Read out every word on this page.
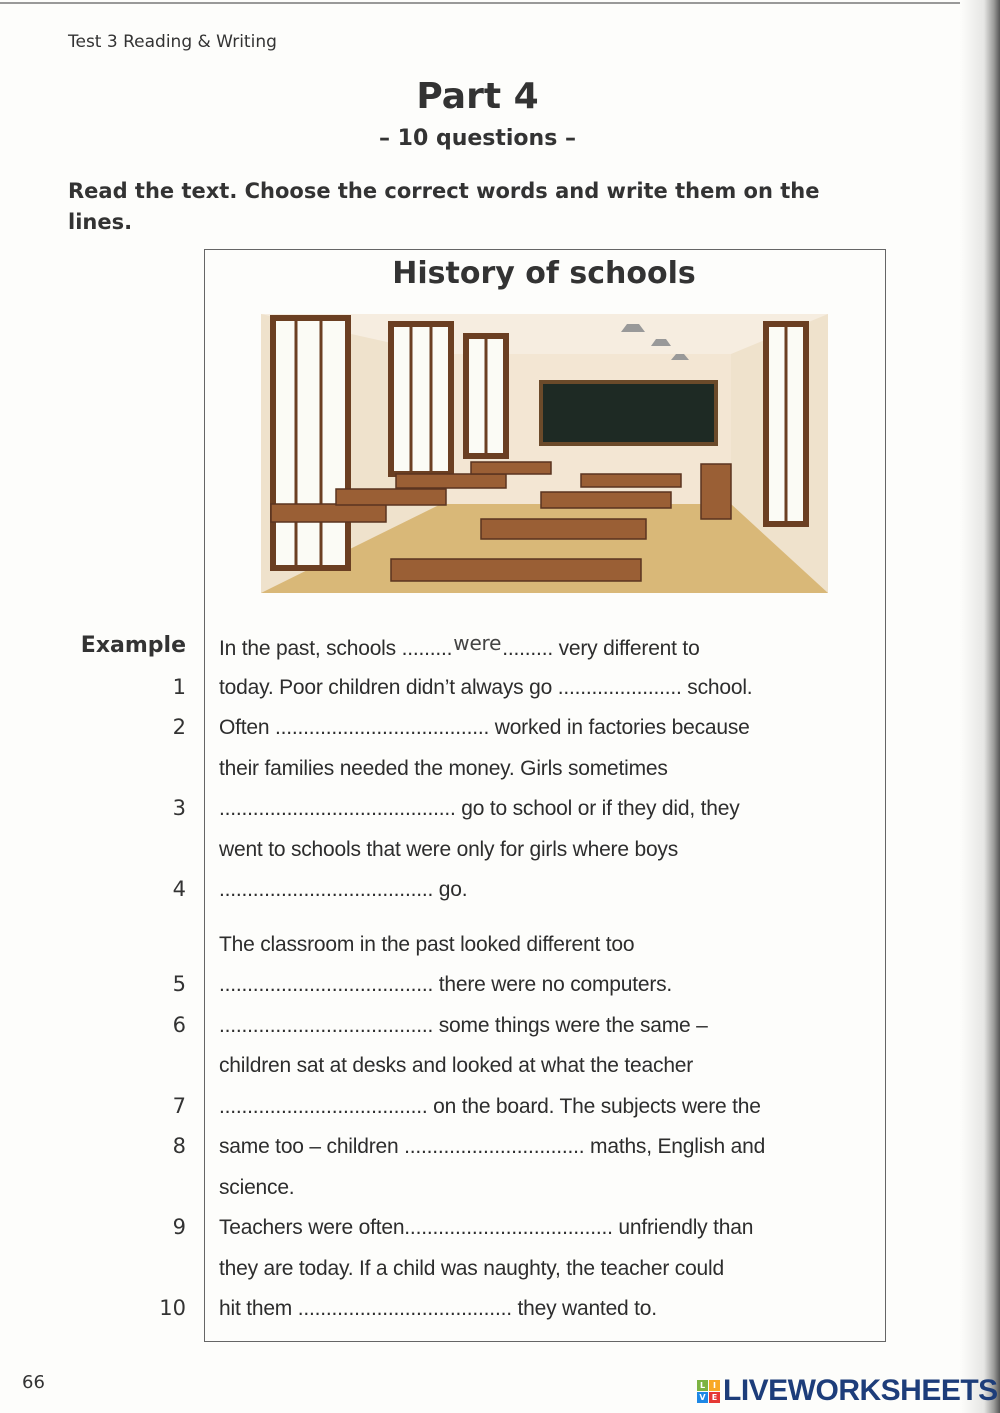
Test 3 Reading & Writing
Part 4
– 10 questions –
Read the text. Choose the correct words and write them on the lines.
History of schools
Example In the past, schools .........were......... very different to
1 today. Poor children didn’t always go ...................... school.
2 Often ...................................... worked in factories because
their families needed the money. Girls sometimes
3 .......................................... go to school or if they did, they
went to schools that were only for girls where boys
4 ...................................... go.
The classroom in the past looked different too
5 ...................................... there were no computers.
6 ...................................... some things were the same –
children sat at desks and looked at what the teacher
7 ..................................... on the board. The subjects were the
8 same too – children ................................ maths, English and
science.
9 Teachers were often..................................... unfriendly than
they are today. If a child was naughty, the teacher could
10 hit them ...................................... they wanted to.
66	L I
V E LIVEWORKSHEETS
